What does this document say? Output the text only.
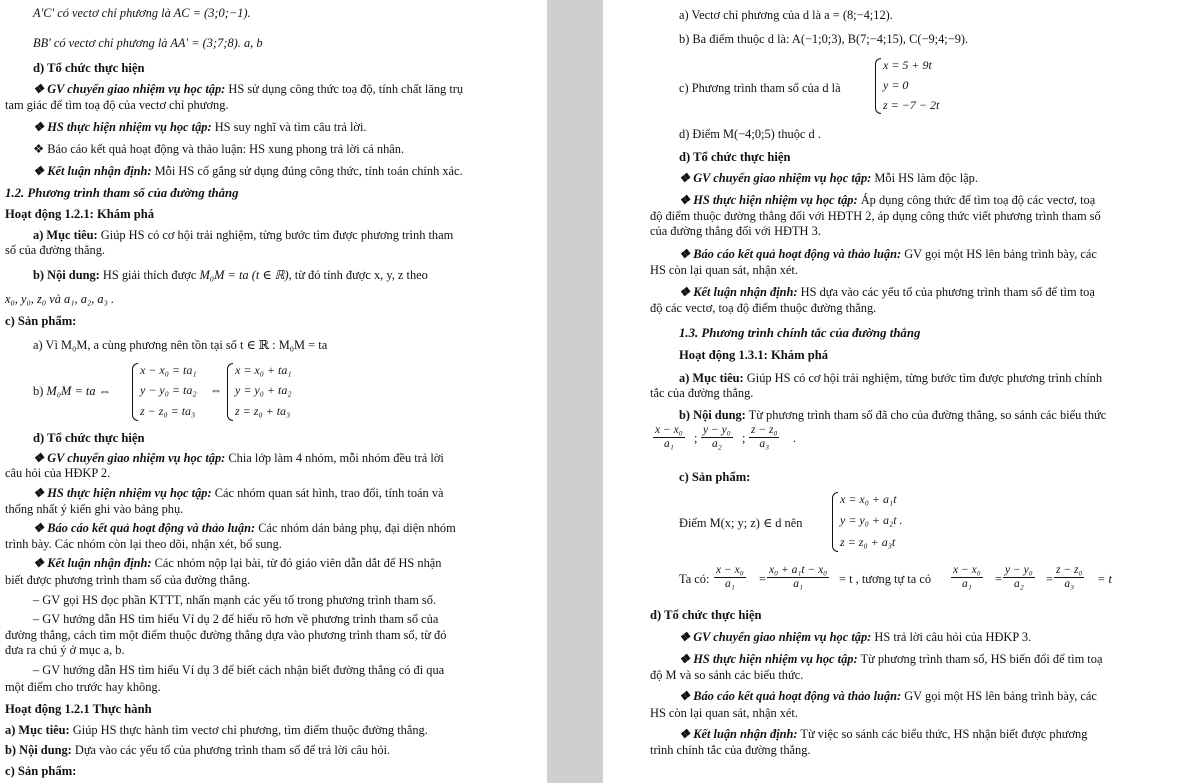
A'C' có vectơ chỉ phương là AC = (3;0;−1).
BB' có vectơ chỉ phương là AA' = (3;7;8). a, b
d) Tổ chức thực hiện
❖ GV chuyển giao nhiệm vụ học tập: HS sử dụng công thức toạ độ, tính chất lăng trụ
tam giác để tìm toạ độ của vectơ chỉ phương.
❖ HS thực hiện nhiệm vụ học tập: HS suy nghĩ và tìm câu trả lời.
❖ Báo cáo kết quả hoạt động và thảo luận: HS xung phong trả lời cá nhân.
❖ Kết luận nhận định: Mỗi HS cố gắng sử dụng đúng công thức, tính toán chính xác.
1.2. Phương trình tham số của đường thẳng
Hoạt động 1.2.1: Khám phá
a) Mục tiêu: Giúp HS có cơ hội trải nghiệm, từng bước tìm được phương trình tham
số của đường thẳng.
b) Nội dung: HS giải thích được M₀M = ta (t ∈ ℝ), từ đó tính được x, y, z theo
x₀, y₀, z₀ và a₁, a₂, a₃ .
c) Sản phẩm:
a) Vì M₀M, a cùng phương nên tồn tại số t ∈ ℝ : M₀M = ta
b) M₀M = ta ⇔
x − x₀ = ta₁
y − y₀ = ta₂
z − z₀ = ta₃
⇔
x = x₀ + ta₁
y = y₀ + ta₂
z = z₀ + ta₃
d) Tổ chức thực hiện
❖ GV chuyển giao nhiệm vụ học tập: Chia lớp làm 4 nhóm, mỗi nhóm đều trả lời
câu hỏi của HĐKP 2.
❖ HS thực hiện nhiệm vụ học tập: Các nhóm quan sát hình, trao đổi, tính toán và
thống nhất ý kiến ghi vào bảng phụ.
❖ Báo cáo kết quả hoạt động và thảo luận: Các nhóm dán bảng phụ, đại diện nhóm
trình bày. Các nhóm còn lại theo dõi, nhận xét, bổ sung.
❖ Kết luận nhận định: Các nhóm nộp lại bài, từ đó giáo viên dẫn dắt để HS nhận
biết được phương trình tham số của đường thẳng.
– GV gọi HS đọc phần KTTT, nhấn mạnh các yếu tố trong phương trình tham số.
– GV hướng dẫn HS tìm hiểu Ví dụ 2 để hiểu rõ hơn về phương trình tham số của
đường thẳng, cách tìm một điểm thuộc đường thẳng dựa vào phương trình tham số, từ đó
đưa ra chú ý ở mục a, b.
– GV hướng dẫn HS tìm hiểu Ví dụ 3 để biết cách nhận biết đường thẳng có đi qua
một điểm cho trước hay không.
Hoạt động 1.2.1 Thực hành
a) Mục tiêu: Giúp HS thực hành tìm vectơ chỉ phương, tìm điểm thuộc đường thẳng.
b) Nội dung: Dựa vào các yếu tố của phương trình tham số để trả lời câu hỏi.
c) Sản phẩm:
a) Vectơ chỉ phương của d là a = (8;−4;12).
b) Ba điểm thuộc d là: A(−1;0;3), B(7;−4;15), C(−9;4;−9).
c) Phương trình tham số của d là
x = 5 + 9t
y = 0
z = −7 − 2t
d) Điểm M(−4;0;5) thuộc d .
d) Tổ chức thực hiện
❖ GV chuyển giao nhiệm vụ học tập: Mỗi HS làm độc lập.
❖ HS thực hiện nhiệm vụ học tập: Áp dụng công thức để tìm toạ độ các vectơ, toạ
độ điểm thuộc đường thẳng đối với HĐTH 2, áp dụng công thức viết phương trình tham số
của đường thẳng đối với HĐTH 3.
❖ Báo cáo kết quả hoạt động và thảo luận: GV gọi một HS lên bảng trình bày, các
HS còn lại quan sát, nhận xét.
❖ Kết luận nhận định: HS dựa vào các yếu tố của phương trình tham số để tìm toạ
độ các vectơ, toạ độ điểm thuộc đường thẳng.
1.3. Phương trình chính tắc của đường thẳng
Hoạt động 1.3.1: Khám phá
a) Mục tiêu: Giúp HS có cơ hội trải nghiệm, từng bước tìm được phương trình chính
tắc của đường thẳng.
b) Nội dung: Từ phương trình tham số đã cho của đường thẳng, so sánh các biểu thức
$\frac{\text{x − x₀}}{\text{a₁}}$ ; $\frac{\text{y − y₀}}{\text{a₂}}$ ; $\frac{\text{z − z₀}}{\text{a₃}}$ .
c) Sản phẩm:
Điểm M(x; y; z) ∈ d nên
x = x₀ + a₁t
y = y₀ + a₂t .
z = z₀ + a₃t
Ta có: $\frac{\text{x − x₀}}{\text{a₁}} = \frac{\text{x₀ + a₁t − x₀}}{\text{a₁}} = t$ , tương tự ta có $\frac{\text{x − x₀}}{\text{a₁}} = \frac{\text{y − y₀}}{\text{a₂}} = \frac{\text{z − z₀}}{\text{a₃}} = t$
d) Tổ chức thực hiện
❖ GV chuyển giao nhiệm vụ học tập: HS trả lời câu hỏi của HĐKP 3.
❖ HS thực hiện nhiệm vụ học tập: Từ phương trình tham số, HS biến đổi để tìm toạ
độ M và so sánh các biểu thức.
❖ Báo cáo kết quả hoạt động và thảo luận: GV gọi một HS lên bảng trình bày, các
HS còn lại quan sát, nhận xét.
❖ Kết luận nhận định: Từ việc so sánh các biểu thức, HS nhận biết được phương
trình chính tắc của đường thẳng.
